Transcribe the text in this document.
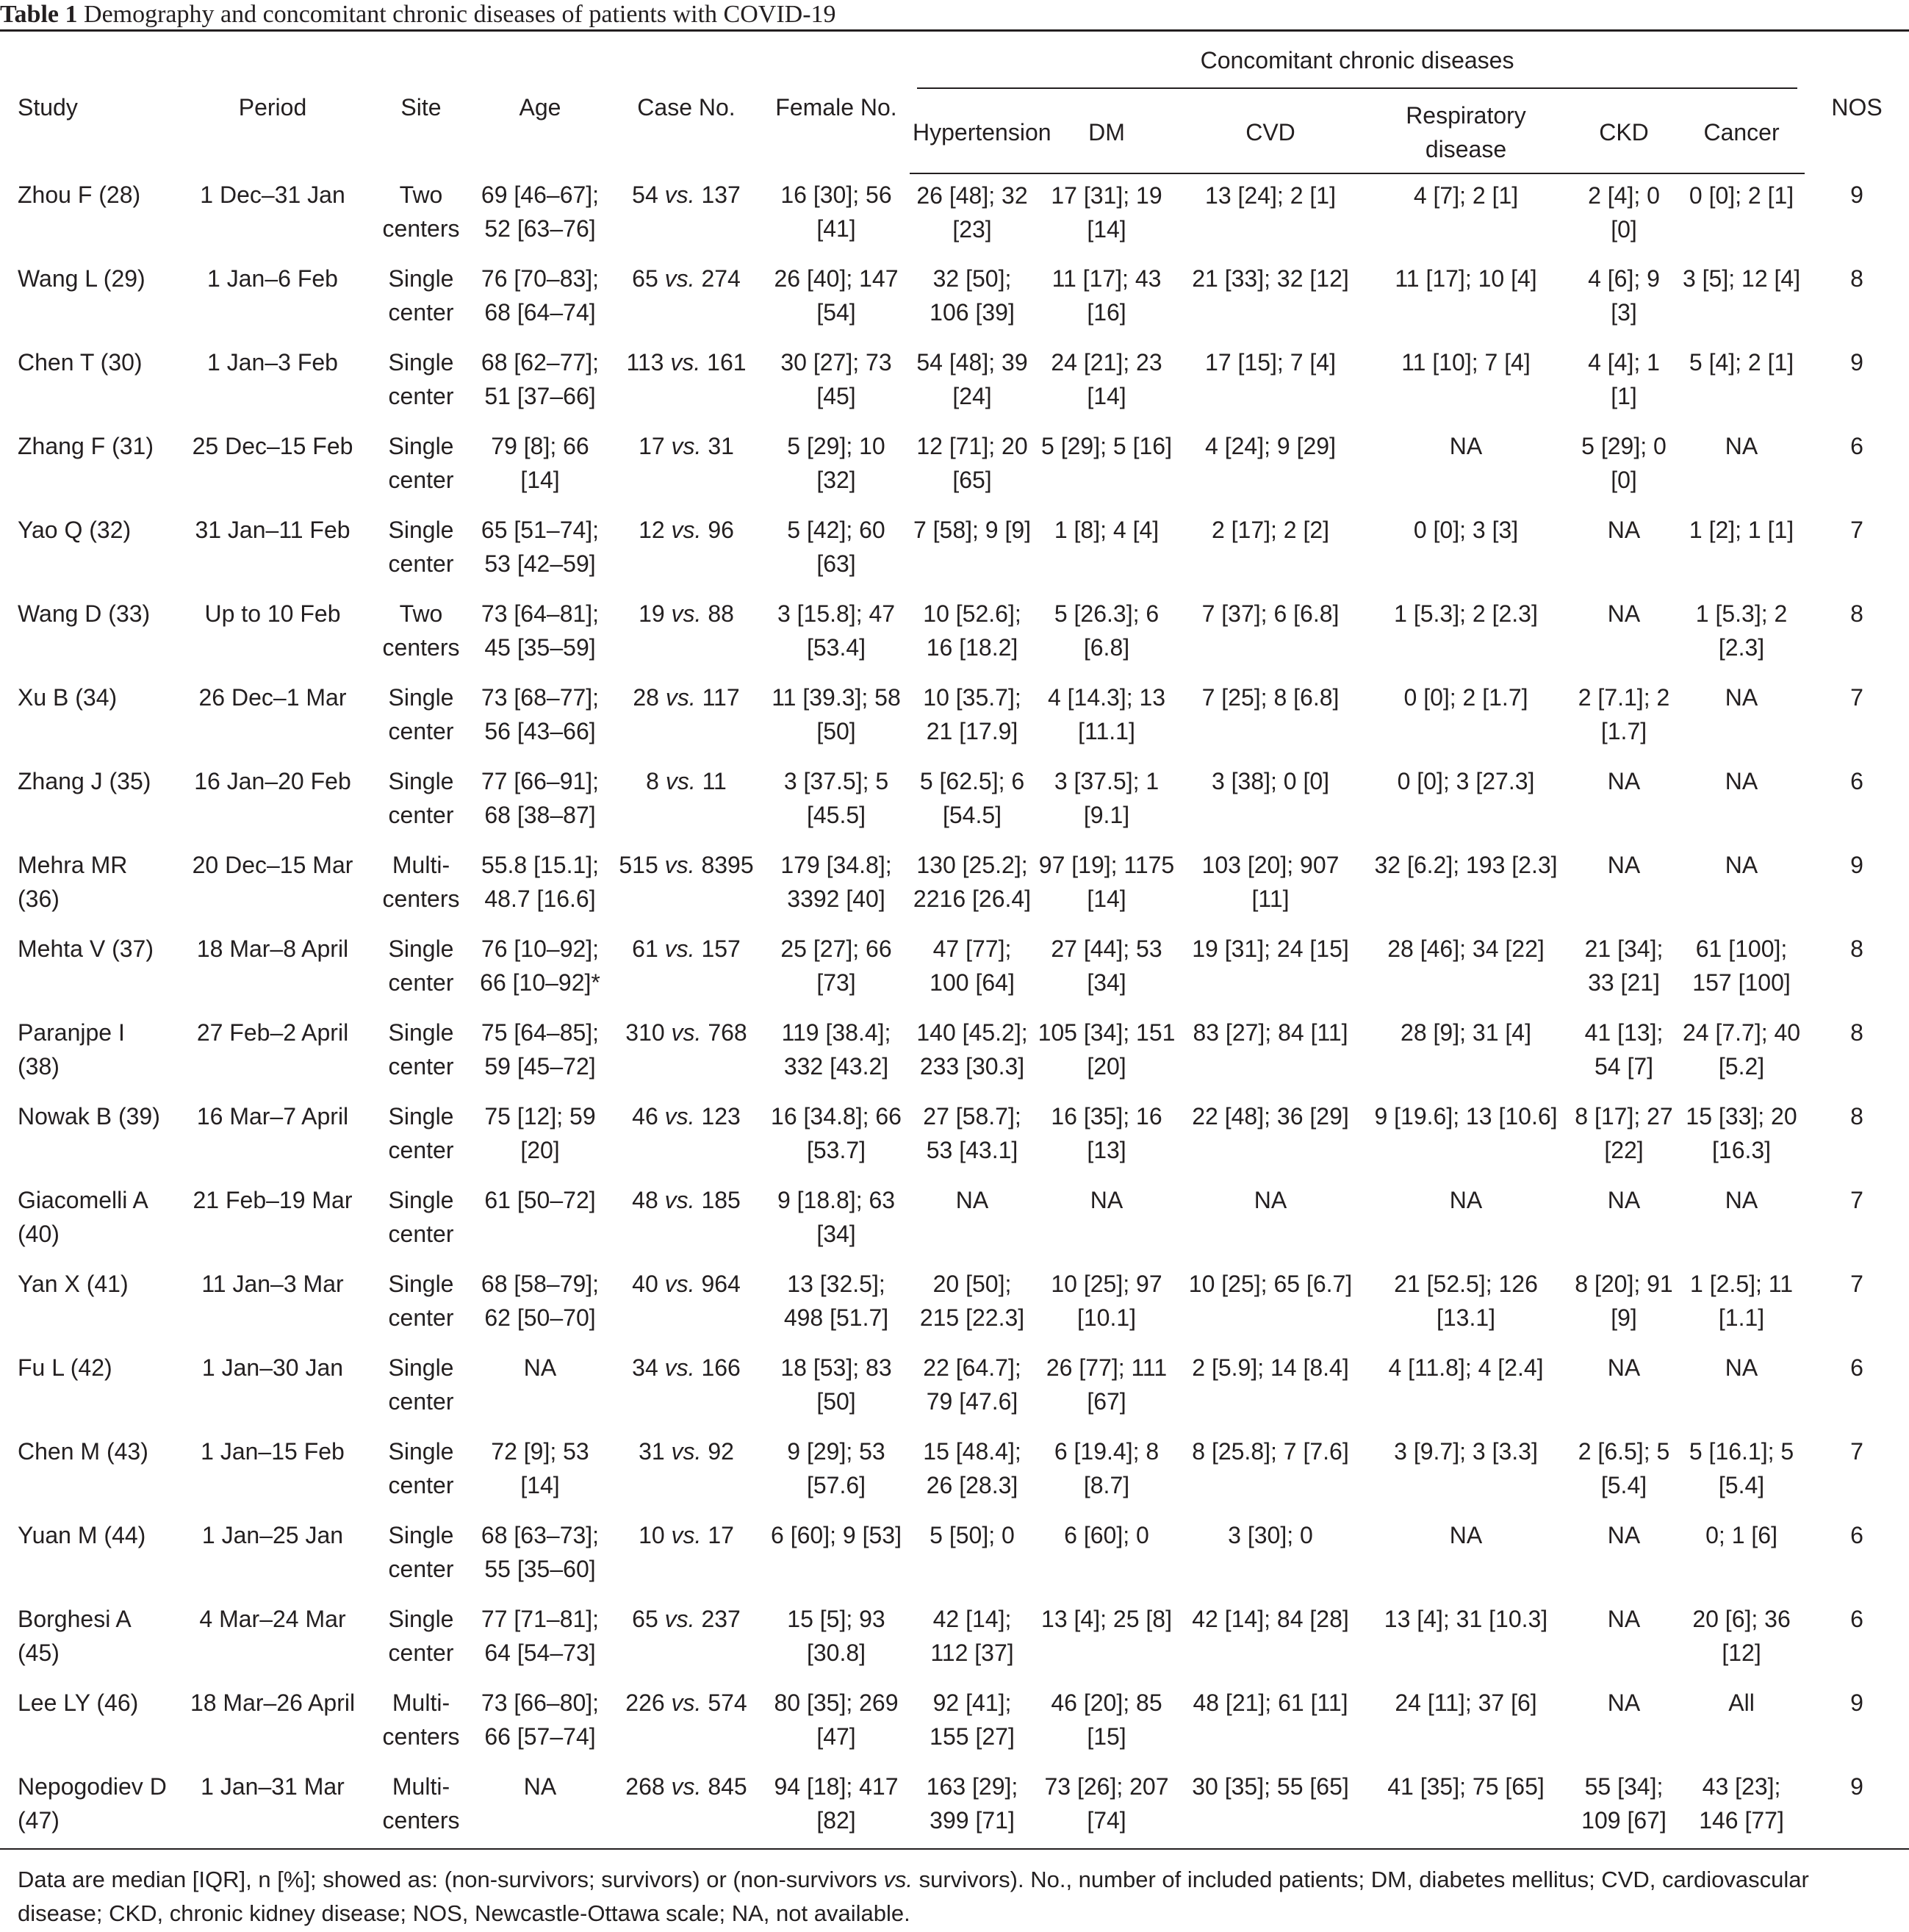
Table 1 Demography and concomitant chronic diseases of patients with COVID-19
Study	Period	Site	Age	Case No.	Female No.	Concomitant chronic diseases						NOS
						Hypertension	DM	CVD	Respiratory disease	CKD	Cancer	
Zhou F (28)	1 Dec–31 Jan	Two centers	69 [46–67]; 52 [63–76]	54 vs. 137	16 [30]; 56 [41]	26 [48]; 32 [23]	17 [31]; 19 [14]	13 [24]; 2 [1]	4 [7]; 2 [1]	2 [4]; 0 [0]	0 [0]; 2 [1]	9
Wang L (29)	1 Jan–6 Feb	Single center	76 [70–83]; 68 [64–74]	65 vs. 274	26 [40]; 147 [54]	32 [50]; 106 [39]	11 [17]; 43 [16]	21 [33]; 32 [12]	11 [17]; 10 [4]	4 [6]; 9 [3]	3 [5]; 12 [4]	8
Chen T (30)	1 Jan–3 Feb	Single center	68 [62–77]; 51 [37–66]	113 vs. 161	30 [27]; 73 [45]	54 [48]; 39 [24]	24 [21]; 23 [14]	17 [15]; 7 [4]	11 [10]; 7 [4]	4 [4]; 1 [1]	5 [4]; 2 [1]	9
Zhang F (31)	25 Dec–15 Feb	Single center	79 [8]; 66 [14]	17 vs. 31	5 [29]; 10 [32]	12 [71]; 20 [65]	5 [29]; 5 [16]	4 [24]; 9 [29]	NA	5 [29]; 0 [0]	NA	6
Yao Q (32)	31 Jan–11 Feb	Single center	65 [51–74]; 53 [42–59]	12 vs. 96	5 [42]; 60 [63]	7 [58]; 9 [9]	1 [8]; 4 [4]	2 [17]; 2 [2]	0 [0]; 3 [3]	NA	1 [2]; 1 [1]	7
Wang D (33)	Up to 10 Feb	Two centers	73 [64–81]; 45 [35–59]	19 vs. 88	3 [15.8]; 47 [53.4]	10 [52.6]; 16 [18.2]	5 [26.3]; 6 [6.8]	7 [37]; 6 [6.8]	1 [5.3]; 2 [2.3]	NA	1 [5.3]; 2 [2.3]	8
Xu B (34)	26 Dec–1 Mar	Single center	73 [68–77]; 56 [43–66]	28 vs. 117	11 [39.3]; 58 [50]	10 [35.7]; 21 [17.9]	4 [14.3]; 13 [11.1]	7 [25]; 8 [6.8]	0 [0]; 2 [1.7]	2 [7.1]; 2 [1.7]	NA	7
Zhang J (35)	16 Jan–20 Feb	Single center	77 [66–91]; 68 [38–87]	8 vs. 11	3 [37.5]; 5 [45.5]	5 [62.5]; 6 [54.5]	3 [37.5]; 1 [9.1]	3 [38]; 0 [0]	0 [0]; 3 [27.3]	NA	NA	6
Mehra MR (36)	20 Dec–15 Mar	Multi-centers	55.8 [15.1]; 48.7 [16.6]	515 vs. 8395	179 [34.8]; 3392 [40]	130 [25.2]; 2216 [26.4]	97 [19]; 1175 [14]	103 [20]; 907 [11]	32 [6.2]; 193 [2.3]	NA	NA	9
Mehta V (37)	18 Mar–8 April	Single center	76 [10–92]; 66 [10–92]*	61 vs. 157	25 [27]; 66 [73]	47 [77]; 100 [64]	27 [44]; 53 [34]	19 [31]; 24 [15]	28 [46]; 34 [22]	21 [34]; 33 [21]	61 [100]; 157 [100]	8
Paranjpe I (38)	27 Feb–2 April	Single center	75 [64–85]; 59 [45–72]	310 vs. 768	119 [38.4]; 332 [43.2]	140 [45.2]; 233 [30.3]	105 [34]; 151 [20]	83 [27]; 84 [11]	28 [9]; 31 [4]	41 [13]; 54 [7]	24 [7.7]; 40 [5.2]	8
Nowak B (39)	16 Mar–7 April	Single center	75 [12]; 59 [20]	46 vs. 123	16 [34.8]; 66 [53.7]	27 [58.7]; 53 [43.1]	16 [35]; 16 [13]	22 [48]; 36 [29]	9 [19.6]; 13 [10.6]	8 [17]; 27 [22]	15 [33]; 20 [16.3]	8
Giacomelli A (40)	21 Feb–19 Mar	Single center	61 [50–72]	48 vs. 185	9 [18.8]; 63 [34]	NA	NA	NA	NA	NA	NA	7
Yan X (41)	11 Jan–3 Mar	Single center	68 [58–79]; 62 [50–70]	40 vs. 964	13 [32.5]; 498 [51.7]	20 [50]; 215 [22.3]	10 [25]; 97 [10.1]	10 [25]; 65 [6.7]	21 [52.5]; 126 [13.1]	8 [20]; 91 [9]	1 [2.5]; 11 [1.1]	7
Fu L (42)	1 Jan–30 Jan	Single center	NA	34 vs. 166	18 [53]; 83 [50]	22 [64.7]; 79 [47.6]	26 [77]; 111 [67]	2 [5.9]; 14 [8.4]	4 [11.8]; 4 [2.4]	NA	NA	6
Chen M (43)	1 Jan–15 Feb	Single center	72 [9]; 53 [14]	31 vs. 92	9 [29]; 53 [57.6]	15 [48.4]; 26 [28.3]	6 [19.4]; 8 [8.7]	8 [25.8]; 7 [7.6]	3 [9.7]; 3 [3.3]	2 [6.5]; 5 [5.4]	5 [16.1]; 5 [5.4]	7
Yuan M (44)	1 Jan–25 Jan	Single center	68 [63–73]; 55 [35–60]	10 vs. 17	6 [60]; 9 [53]	5 [50]; 0	6 [60]; 0	3 [30]; 0	NA	NA	0; 1 [6]	6
Borghesi A (45)	4 Mar–24 Mar	Single center	77 [71–81]; 64 [54–73]	65 vs. 237	15 [5]; 93 [30.8]	42 [14]; 112 [37]	13 [4]; 25 [8]	42 [14]; 84 [28]	13 [4]; 31 [10.3]	NA	20 [6]; 36 [12]	6
Lee LY (46)	18 Mar–26 April	Multi-centers	73 [66–80]; 66 [57–74]	226 vs. 574	80 [35]; 269 [47]	92 [41]; 155 [27]	46 [20]; 85 [15]	48 [21]; 61 [11]	24 [11]; 37 [6]	NA	All	9
Nepogodiev D (47)	1 Jan–31 Mar	Multi-centers	NA	268 vs. 845	94 [18]; 417 [82]	163 [29]; 399 [71]	73 [26]; 207 [74]	30 [35]; 55 [65]	41 [35]; 75 [65]	55 [34]; 109 [67]	43 [23]; 146 [77]	9
Data are median [IQR], n [%]; showed as: (non-survivors; survivors) or (non-survivors vs. survivors). No., number of included patients; DM, diabetes mellitus; CVD, cardiovascular disease; CKD, chronic kidney disease; NOS, Newcastle-Ottawa scale; NA, not available.
